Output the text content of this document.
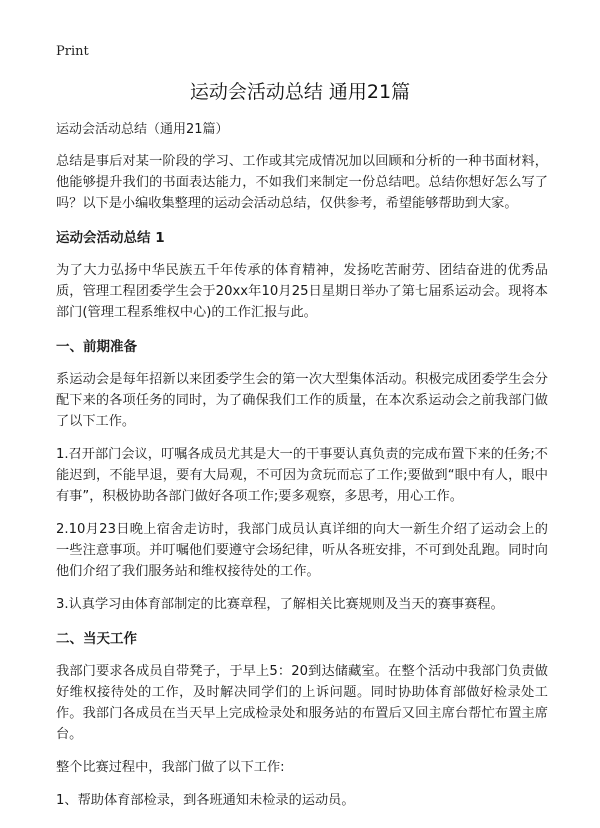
Print
运动会活动总结 通用21篇

运动会活动总结（通用21篇）

总结是事后对某一阶段的学习、工作或其完成情况加以回顾和分析的一种书面材料，他能够提升我们的书面表达能力，不如我们来制定一份总结吧。总结你想好怎么写了吗？以下是小编收集整理的运动会活动总结，仅供参考，希望能够帮助到大家。

运动会活动总结 1

为了大力弘扬中华民族五千年传承的体育精神，发扬吃苦耐劳、团结奋进的优秀品质，管理工程团委学生会于20xx年10月25日星期日举办了第七届系运动会。现将本部门(管理工程系维权中心)的工作汇报与此。

一、前期准备

系运动会是每年招新以来团委学生会的第一次大型集体活动。积极完成团委学生会分配下来的各项任务的同时，为了确保我们工作的质量，在本次系运动会之前我部门做了以下工作。

1.召开部门会议，叮嘱各成员尤其是大一的干事要认真负责的完成布置下来的任务;不能迟到，不能早退，要有大局观，不可因为贪玩而忘了工作;要做到“眼中有人，眼中有事”，积极协助各部门做好各项工作;要多观察，多思考，用心工作。

2.10月23日晚上宿舍走访时，我部门成员认真详细的向大一新生介绍了运动会上的一些注意事项。并叮嘱他们要遵守会场纪律，听从各班安排，不可到处乱跑。同时向他们介绍了我们服务站和维权接待处的工作。

3.认真学习由体育部制定的比赛章程，了解相关比赛规则及当天的赛事赛程。

二、当天工作

我部门要求各成员自带凳子，于早上5：20到达储藏室。在整个活动中我部门负责做好维权接待处的工作，及时解决同学们的上诉问题。同时协助体育部做好检录处工作。我部门各成员在当天早上完成检录处和服务站的布置后又回主席台帮忙布置主席台。

整个比赛过程中，我部门做了以下工作:

1、帮助体育部检录，到各班通知未检录的运动员。
